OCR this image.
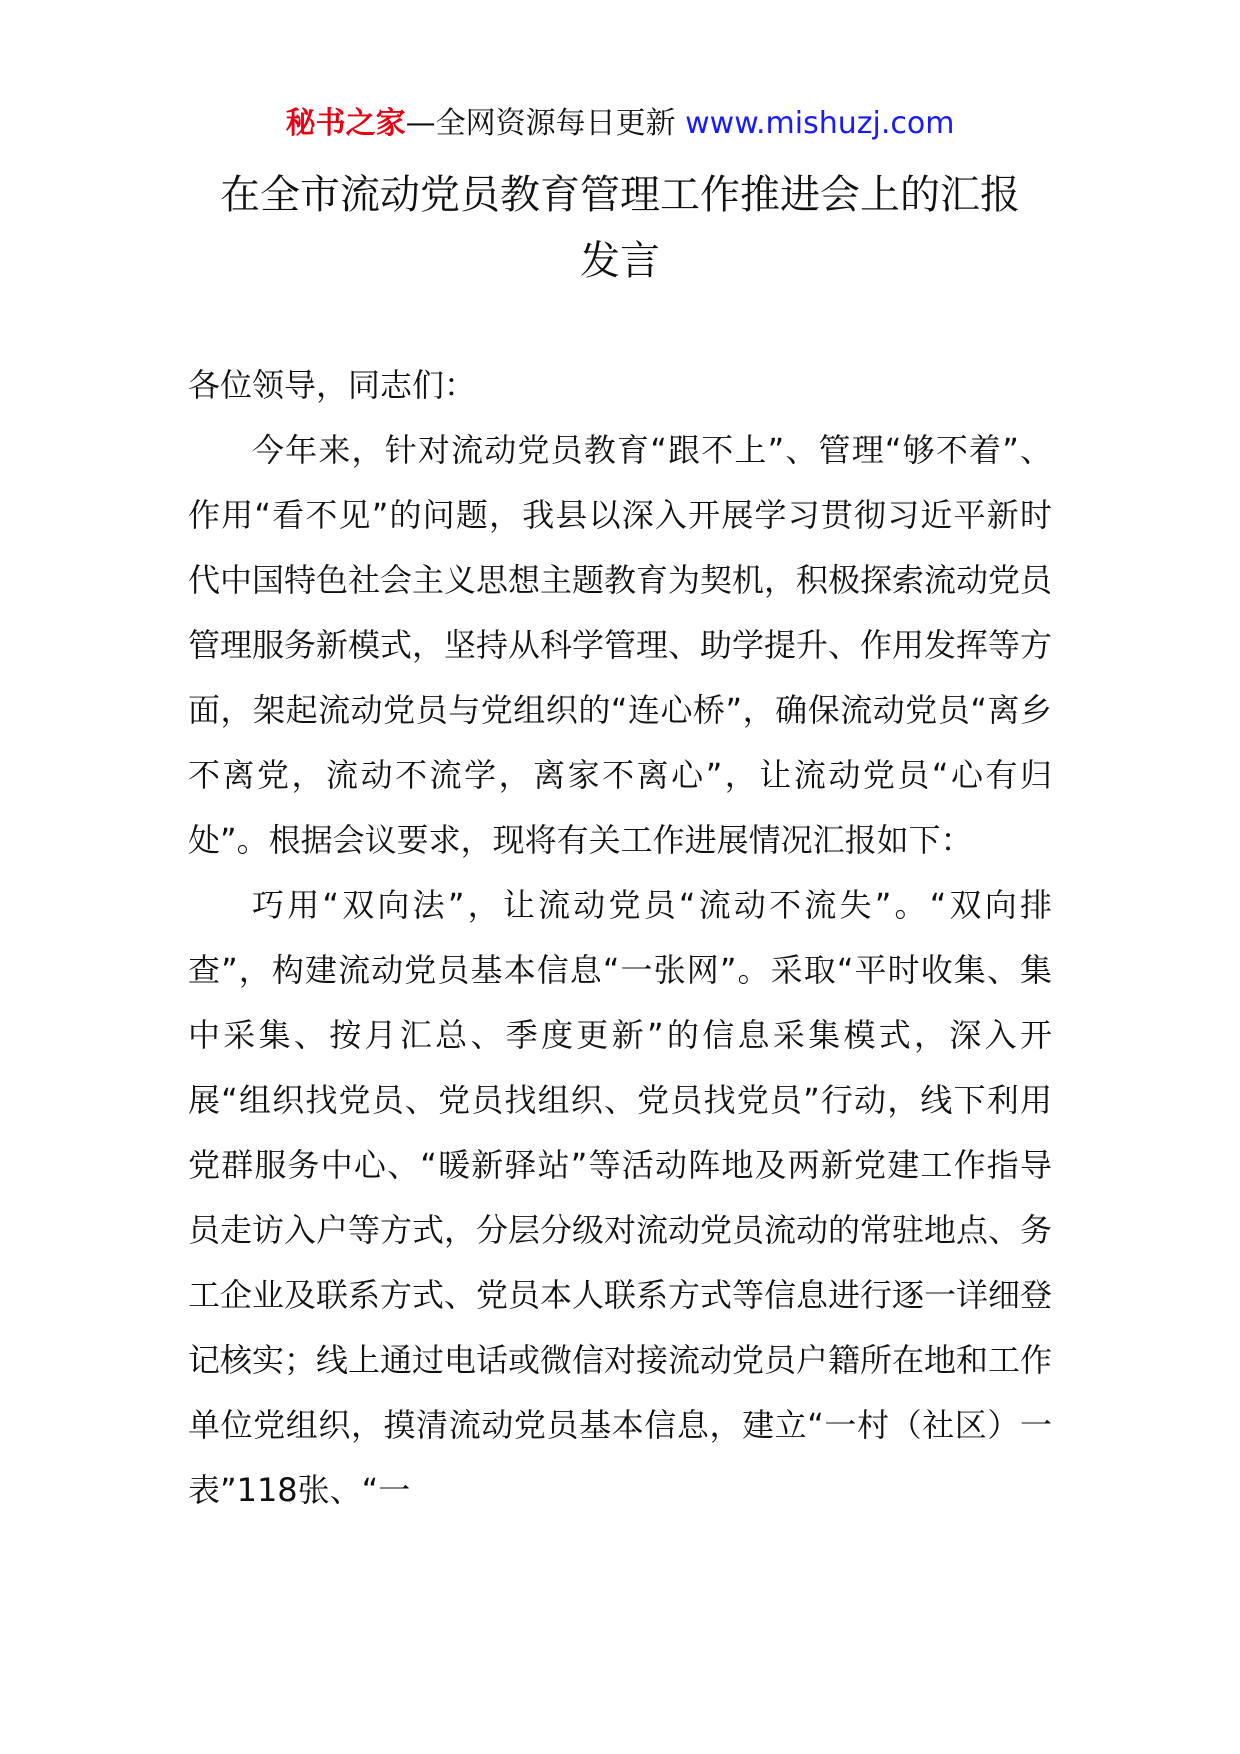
秘书之家—全网资源每日更新 www.mishuzj.com
在全市流动党员教育管理工作推进会上的汇报
发言

各位领导，同志们：

今年来，针对流动党员教育“跟不上”、管理“够不着”、作用“看不见”的问题，我县以深入开展学习贯彻习近平新时代中国特色社会主义思想主题教育为契机，积极探索流动党员管理服务新模式，坚持从科学管理、助学提升、作用发挥等方面，架起流动党员与党组织的“连心桥”，确保流动党员“离乡不离党，流动不流学，离家不离心”，让流动党员“心有归处”。根据会议要求，现将有关工作进展情况汇报如下：

巧用“双向法”，让流动党员“流动不流失”。“双向排查”，构建流动党员基本信息“一张网”。采取“平时收集、集中采集、按月汇总、季度更新”的信息采集模式，深入开展“组织找党员、党员找组织、党员找党员”行动，线下利用党群服务中心、“暖新驿站”等活动阵地及两新党建工作指导员走访入户等方式，分层分级对流动党员流动的常驻地点、务工企业及联系方式、党员本人联系方式等信息进行逐一详细登记核实；线上通过电话或微信对接流动党员户籍所在地和工作单位党组织，摸清流动党员基本信息，建立“一村（社区）一表”118张、“一
